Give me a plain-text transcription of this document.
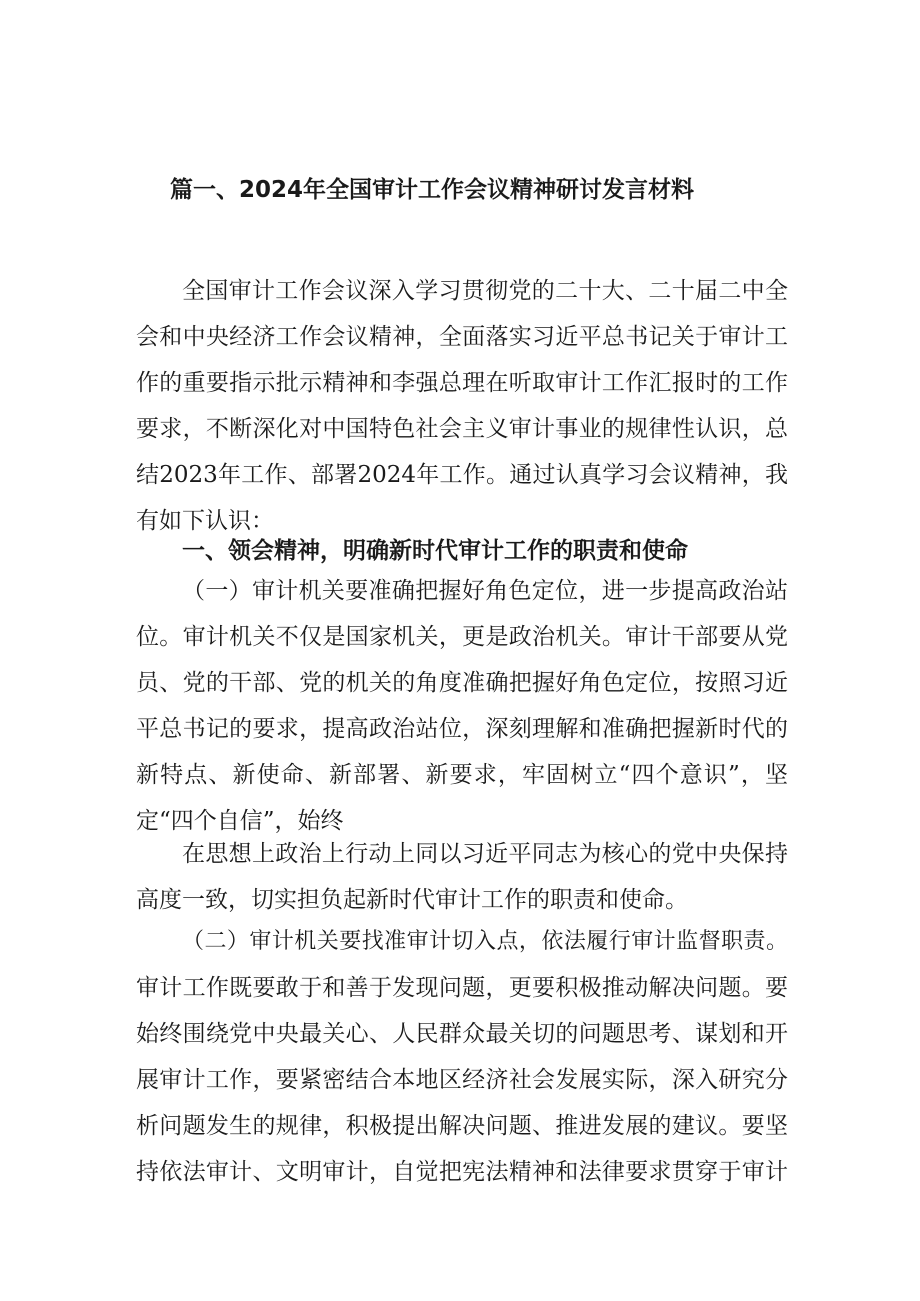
篇一、2024年全国审计工作会议精神研讨发言材料
全国审计工作会议深入学习贯彻党的二十大、二十届二中全
会和中央经济工作会议精神，全面落实习近平总书记关于审计工
作的重要指示批示精神和李强总理在听取审计工作汇报时的工作
要求，不断深化对中国特色社会主义审计事业的规律性认识，总
结2023年工作、部署2024年工作。通过认真学习会议精神，我
有如下认识：
一、领会精神，明确新时代审计工作的职责和使命
（一）审计机关要准确把握好角色定位，进一步提高政治站
位。审计机关不仅是国家机关，更是政治机关。审计干部要从党
员、党的干部、党的机关的角度准确把握好角色定位，按照习近
平总书记的要求，提高政治站位，深刻理解和准确把握新时代的
新特点、新使命、新部署、新要求，牢固树立“四个意识”，坚
定“四个自信”，始终
在思想上政治上行动上同以习近平同志为核心的党中央保持
高度一致，切实担负起新时代审计工作的职责和使命。
（二）审计机关要找准审计切入点，依法履行审计监督职责。
审计工作既要敢于和善于发现问题，更要积极推动解决问题。要
始终围绕党中央最关心、人民群众最关切的问题思考、谋划和开
展审计工作，要紧密结合本地区经济社会发展实际，深入研究分
析问题发生的规律，积极提出解决问题、推进发展的建议。要坚
持依法审计、文明审计，自觉把宪法精神和法律要求贯穿于审计
